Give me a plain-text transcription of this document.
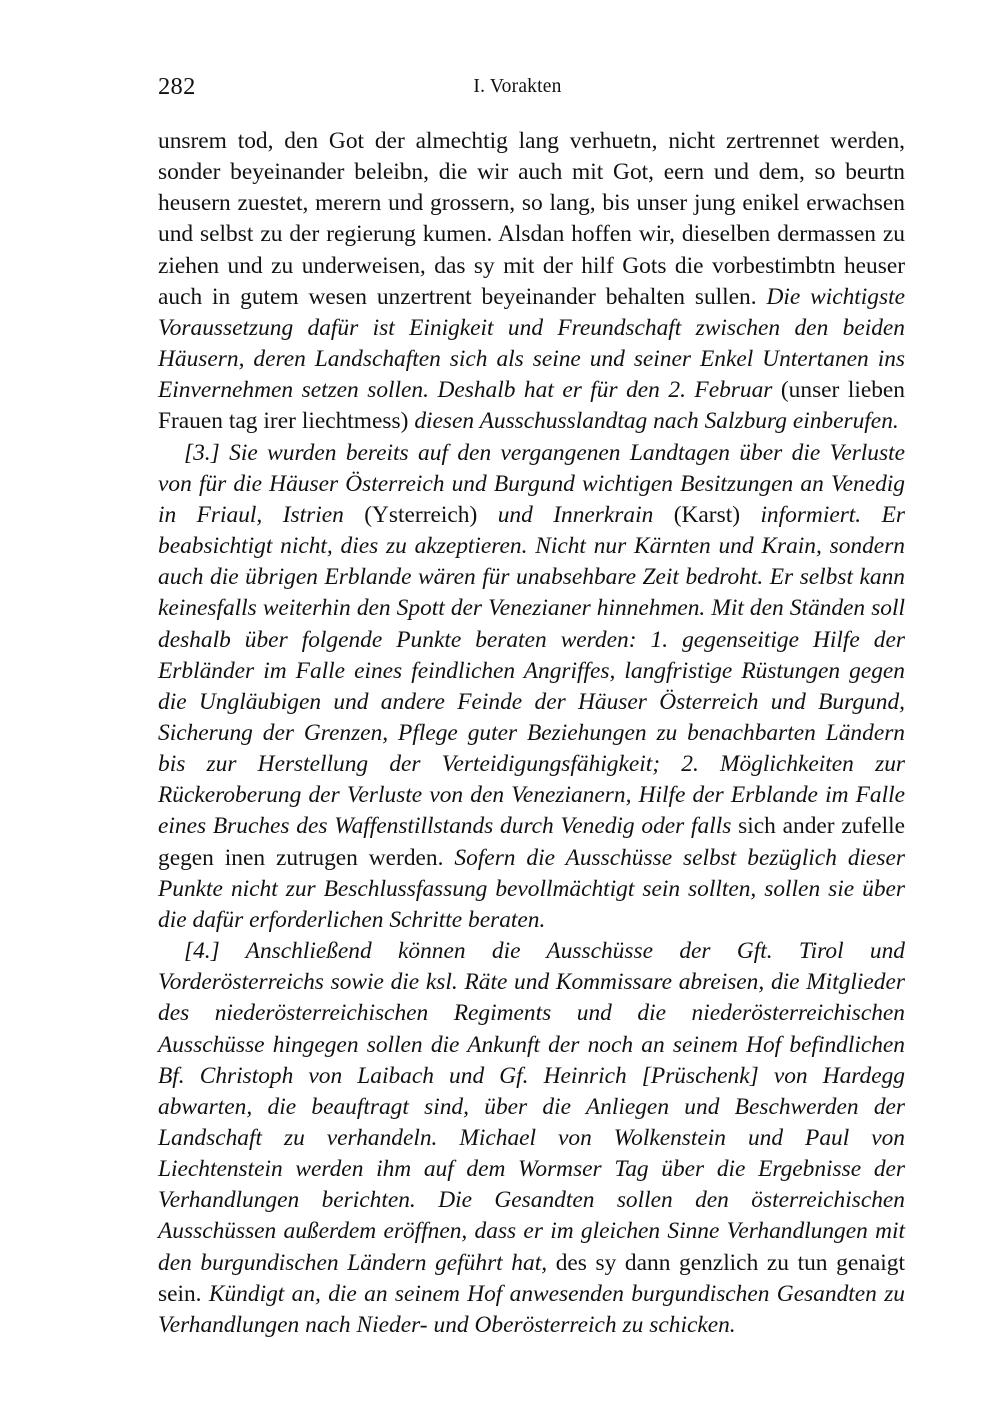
282	I. Vorakten

unsrem tod, den Got der almechtig lang verhuetn, nicht zertrennet werden, sonder beyeinander beleibn, die wir auch mit Got, eern und dem, so beurtn heusern zuestet, merern und grossern, so lang, bis unser jung enikel erwachsen und selbst zu der regierung kumen. Alsdan hoffen wir, dieselben dermassen zu ziehen und zu underweisen, das sy mit der hilf Gots die vorbestimbtn heuser auch in gutem wesen unzertrent beyeinander behalten sullen. Die wichtigste Voraussetzung dafür ist Einigkeit und Freundschaft zwischen den beiden Häusern, deren Landschaften sich als seine und seiner Enkel Untertanen ins Einvernehmen setzen sollen. Deshalb hat er für den 2. Februar (unser lieben Frauen tag irer liechtmess) diesen Ausschusslandtag nach Salzburg einberufen.

[3.] Sie wurden bereits auf den vergangenen Landtagen über die Verluste von für die Häuser Österreich und Burgund wichtigen Besitzungen an Venedig in Friaul, Istrien (Ysterreich) und Innerkrain (Karst) informiert. Er beabsichtigt nicht, dies zu akzeptieren. Nicht nur Kärnten und Krain, sondern auch die übrigen Erblande wären für unabsehbare Zeit bedroht. Er selbst kann keinesfalls weiterhin den Spott der Venezianer hinnehmen. Mit den Ständen soll deshalb über folgende Punkte beraten werden: 1. gegenseitige Hilfe der Erbländer im Falle eines feindlichen Angriffes, langfristige Rüstungen gegen die Ungläubigen und andere Feinde der Häuser Österreich und Burgund, Sicherung der Grenzen, Pflege guter Beziehungen zu benachbarten Ländern bis zur Herstellung der Verteidigungsfähigkeit; 2. Möglichkeiten zur Rückeroberung der Verluste von den Venezianern, Hilfe der Erblande im Falle eines Bruches des Waffenstillstands durch Venedig oder falls sich ander zufelle gegen inen zutrugen werden. Sofern die Ausschüsse selbst bezüglich dieser Punkte nicht zur Beschlussfassung bevollmächtigt sein sollten, sollen sie über die dafür erforderlichen Schritte beraten.

[4.] Anschließend können die Ausschüsse der Gft. Tirol und Vorderösterreichs sowie die ksl. Räte und Kommissare abreisen, die Mitglieder des niederösterreichischen Regiments und die niederösterreichischen Ausschüsse hingegen sollen die Ankunft der noch an seinem Hof befindlichen Bf. Christoph von Laibach und Gf. Heinrich [Prüschenk] von Hardegg abwarten, die beauftragt sind, über die Anliegen und Beschwerden der Landschaft zu verhandeln. Michael von Wolkenstein und Paul von Liechtenstein werden ihm auf dem Wormser Tag über die Ergebnisse der Verhandlungen berichten. Die Gesandten sollen den österreichischen Ausschüssen außerdem eröffnen, dass er im gleichen Sinne Verhandlungen mit den burgundischen Ländern geführt hat, des sy dann genzlich zu tun genaigt sein. Kündigt an, die an seinem Hof anwesenden burgundischen Gesandten zu Verhandlungen nach Nieder- und Oberösterreich zu schicken.
